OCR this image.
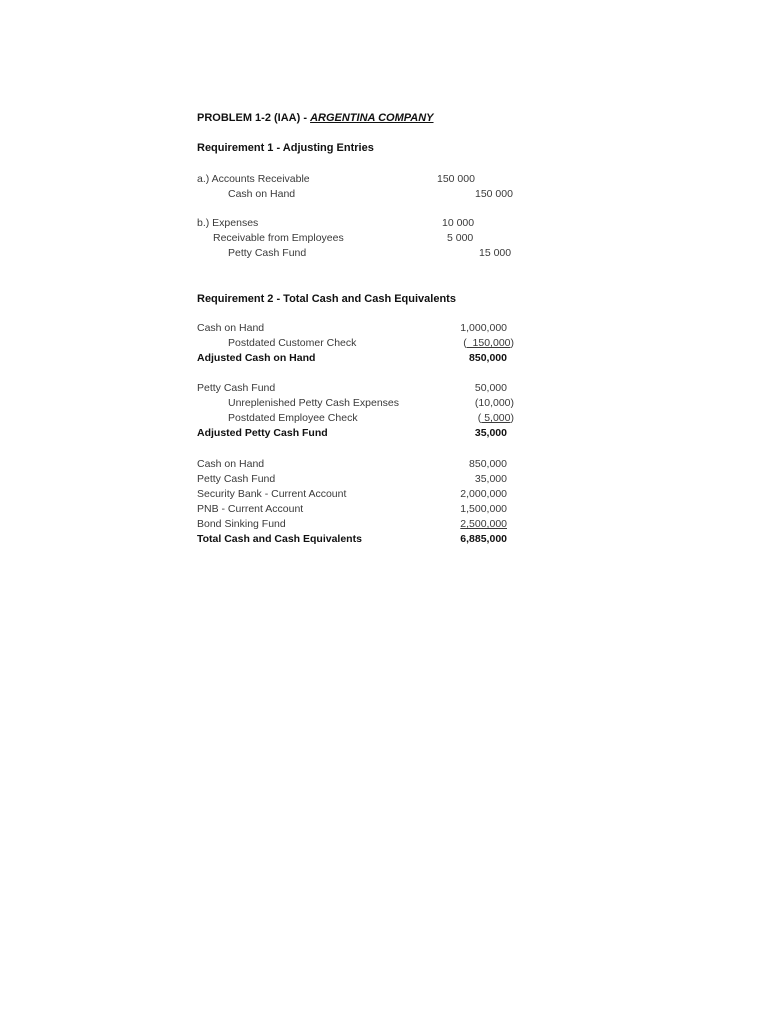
PROBLEM 1-2 (IAA) - ARGENTINA COMPANY
Requirement 1 - Adjusting Entries
a.) Accounts Receivable	150 000
Cash on Hand	150 000
b.) Expenses	10 000
Receivable from Employees	5 000
Petty Cash Fund	15 000
Requirement 2 - Total Cash and Cash Equivalents
Cash on Hand	1,000,000
Postdated Customer Check	(  150,000)
Adjusted Cash on Hand	850,000
Petty Cash Fund	50,000
Unreplenished Petty Cash Expenses	(10,000)
Postdated Employee Check	( 5,000)
Adjusted Petty Cash Fund	35,000
Cash on Hand	850,000
Petty Cash Fund	35,000
Security Bank - Current Account	2,000,000
PNB - Current Account	1,500,000
Bond Sinking Fund	2,500,000
Total Cash and Cash Equivalents	6,885,000
